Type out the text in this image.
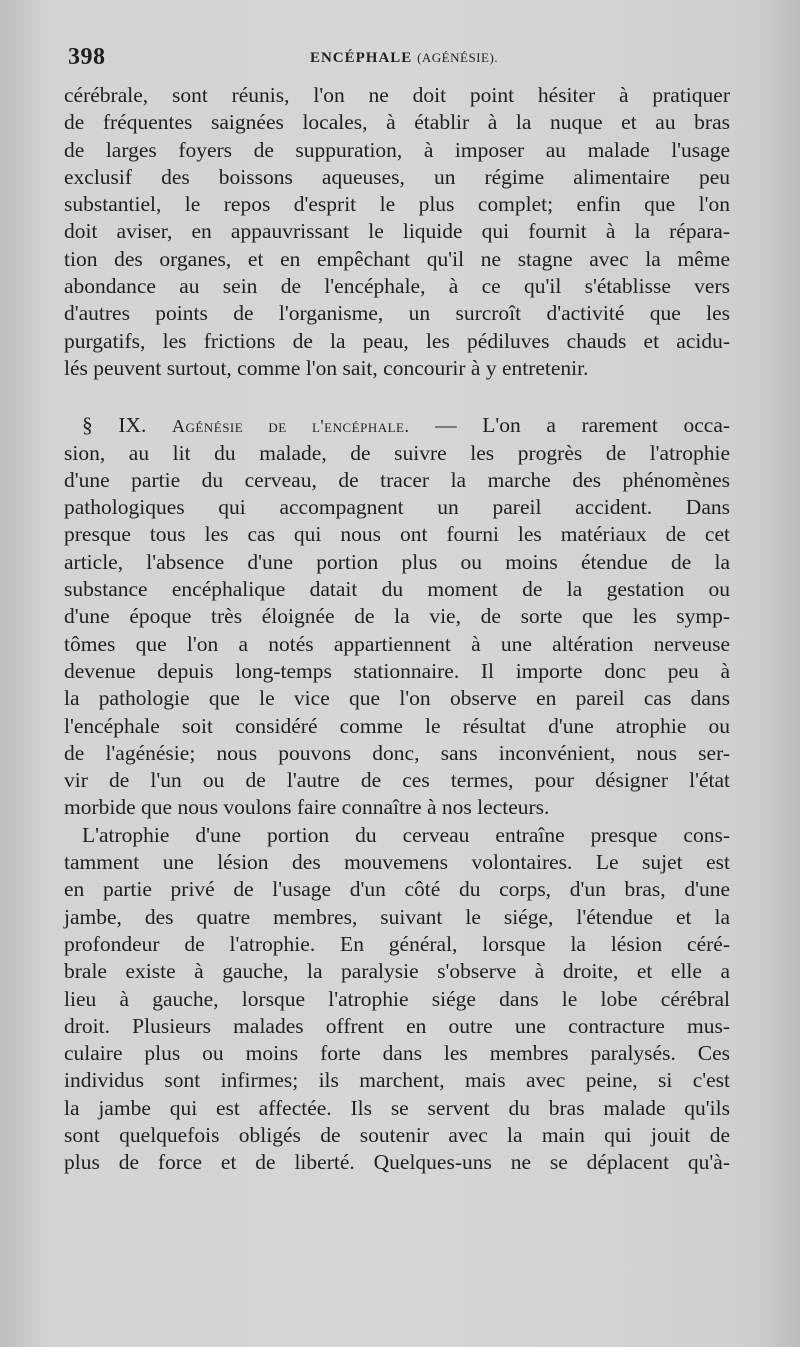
398	ENCÉPHALE (AGÉNÉSIE).
cérébrale, sont réunis, l'on ne doit point hésiter à pratiquer
de fréquentes saignées locales, à établir à la nuque et au bras
de larges foyers de suppuration, à imposer au malade l'usage
exclusif des boissons aqueuses, un régime alimentaire peu
substantiel, le repos d'esprit le plus complet; enfin que l'on
doit aviser, en appauvrissant le liquide qui fournit à la répara-
tion des organes, et en empêchant qu'il ne stagne avec la même
abondance au sein de l'encéphale, à ce qu'il s'établisse vers
d'autres points de l'organisme, un surcroît d'activité que les
purgatifs, les frictions de la peau, les pédiluves chauds et acidu-
lés peuvent surtout, comme l'on sait, concourir à y entretenir.
§ IX. Agénésie de l'encéphale. — L'on a rarement occa-
sion, au lit du malade, de suivre les progrès de l'atrophie
d'une partie du cerveau, de tracer la marche des phénomènes
pathologiques qui accompagnent un pareil accident. Dans
presque tous les cas qui nous ont fourni les matériaux de cet
article, l'absence d'une portion plus ou moins étendue de la
substance encéphalique datait du moment de la gestation ou
d'une époque très éloignée de la vie, de sorte que les symp-
tômes que l'on a notés appartiennent à une altération nerveuse
devenue depuis long-temps stationnaire. Il importe donc peu à
la pathologie que le vice que l'on observe en pareil cas dans
l'encéphale soit considéré comme le résultat d'une atrophie ou
de l'agénésie; nous pouvons donc, sans inconvénient, nous ser-
vir de l'un ou de l'autre de ces termes, pour désigner l'état
morbide que nous voulons faire connaître à nos lecteurs.
L'atrophie d'une portion du cerveau entraîne presque cons-
tamment une lésion des mouvemens volontaires. Le sujet est
en partie privé de l'usage d'un côté du corps, d'un bras, d'une
jambe, des quatre membres, suivant le siége, l'étendue et la
profondeur de l'atrophie. En général, lorsque la lésion céré-
brale existe à gauche, la paralysie s'observe à droite, et elle a
lieu à gauche, lorsque l'atrophie siége dans le lobe cérébral
droit. Plusieurs malades offrent en outre une contracture mus-
culaire plus ou moins forte dans les membres paralysés. Ces
individus sont infirmes; ils marchent, mais avec peine, si c'est
la jambe qui est affectée. Ils se servent du bras malade qu'ils
sont quelquefois obligés de soutenir avec la main qui jouit de
plus de force et de liberté. Quelques-uns ne se déplacent qu'à-
